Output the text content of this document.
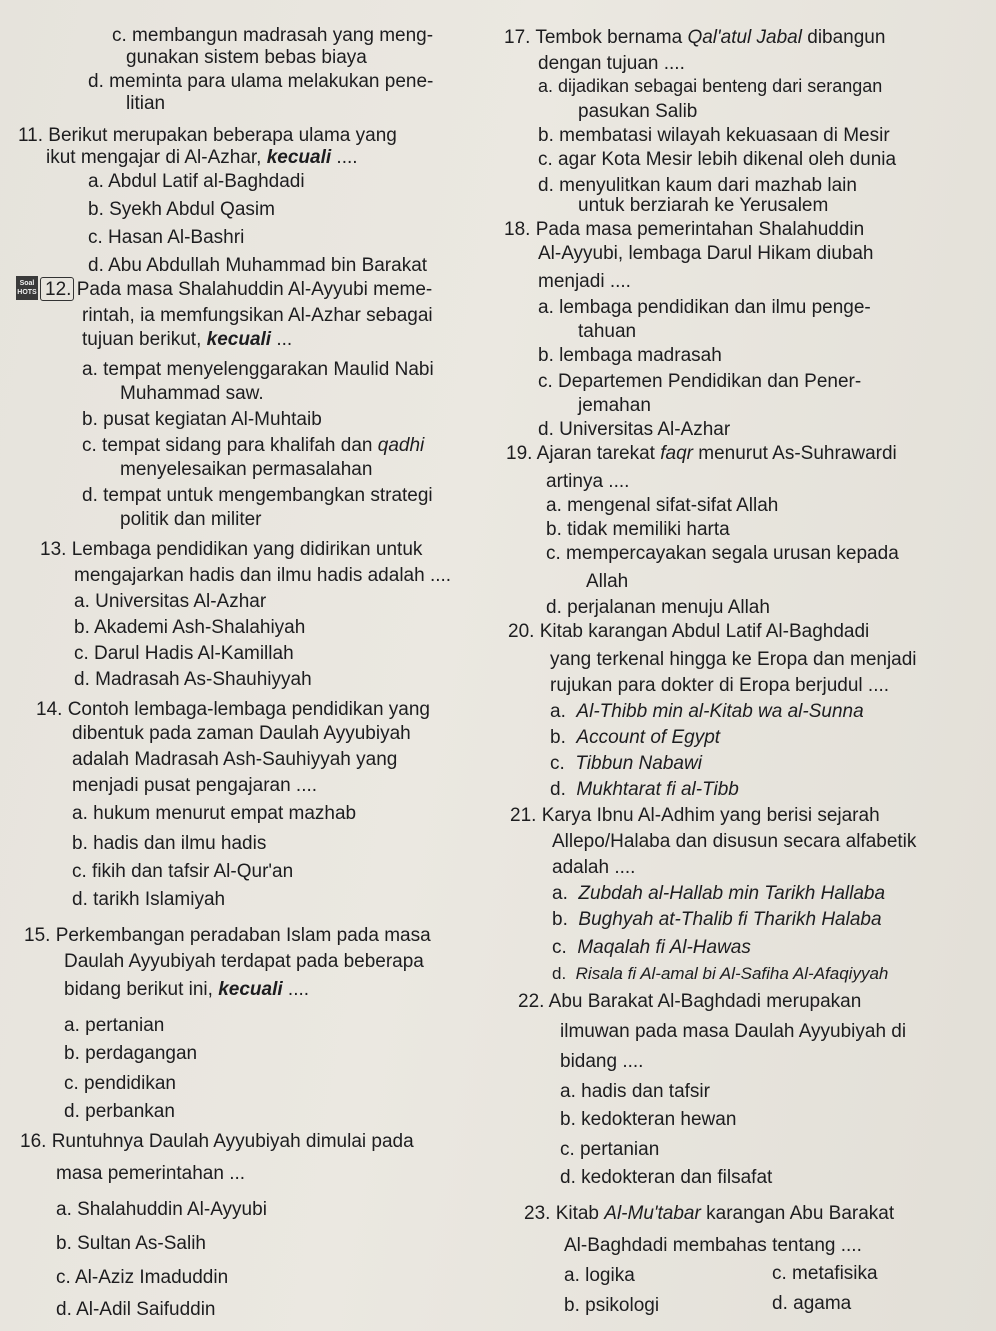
c. membangun madrasah yang meng-
gunakan sistem bebas biaya
d. meminta para ulama melakukan pene-
litian
11. Berikut merupakan beberapa ulama yang
ikut mengajar di Al-Azhar, kecuali ....
a. Abdul Latif al-Baghdadi
b. Syekh Abdul Qasim
c. Hasan Al-Bashri
d. Abu Abdullah Muhammad bin Barakat
Soal HOTS 12. Pada masa Shalahuddin Al-Ayyubi meme-
rintah, ia memfungsikan Al-Azhar sebagai
tujuan berikut, kecuali ...
a. tempat menyelenggarakan Maulid Nabi
Muhammad saw.
b. pusat kegiatan Al-Muhtaib
c. tempat sidang para khalifah dan qadhi
menyelesaikan permasalahan
d. tempat untuk mengembangkan strategi
politik dan militer
13. Lembaga pendidikan yang didirikan untuk
mengajarkan hadis dan ilmu hadis adalah ....
a. Universitas Al-Azhar
b. Akademi Ash-Shalahiyah
c. Darul Hadis Al-Kamillah
d. Madrasah As-Shauhiyyah
14. Contoh lembaga-lembaga pendidikan yang
dibentuk pada zaman Daulah Ayyubiyah
adalah Madrasah Ash-Sauhiyyah yang
menjadi pusat pengajaran ....
a. hukum menurut empat mazhab
b. hadis dan ilmu hadis
c. fikih dan tafsir Al-Qur'an
d. tarikh Islamiyah
15. Perkembangan peradaban Islam pada masa
Daulah Ayyubiyah terdapat pada beberapa
bidang berikut ini, kecuali ....
a. pertanian
b. perdagangan
c. pendidikan
d. perbankan
16. Runtuhnya Daulah Ayyubiyah dimulai pada
masa pemerintahan ...
a. Shalahuddin Al-Ayyubi
b. Sultan As-Salih
c. Al-Aziz Imaduddin
d. Al-Adil Saifuddin
17. Tembok bernama Qal'atul Jabal dibangun
dengan tujuan ....
a. dijadikan sebagai benteng dari serangan
pasukan Salib
b. membatasi wilayah kekuasaan di Mesir
c. agar Kota Mesir lebih dikenal oleh dunia
d. menyulitkan kaum dari mazhab lain
untuk berziarah ke Yerusalem
18. Pada masa pemerintahan Shalahuddin
Al-Ayyubi, lembaga Darul Hikam diubah
menjadi ....
a. lembaga pendidikan dan ilmu penge-
tahuan
b. lembaga madrasah
c. Departemen Pendidikan dan Pener-
jemahan
d. Universitas Al-Azhar
19. Ajaran tarekat faqr menurut As-Suhrawardi
artinya ....
a. mengenal sifat-sifat Allah
b. tidak memiliki harta
c. mempercayakan segala urusan kepada
Allah
d. perjalanan menuju Allah
20. Kitab karangan Abdul Latif Al-Baghdadi
yang terkenal hingga ke Eropa dan menjadi
rujukan para dokter di Eropa berjudul ....
a. Al-Thibb min al-Kitab wa al-Sunna
b. Account of Egypt
c. Tibbun Nabawi
d. Mukhtarat fi al-Tibb
21. Karya Ibnu Al-Adhim yang berisi sejarah
Allepo/Halaba dan disusun secara alfabetik
adalah ....
a. Zubdah al-Hallab min Tarikh Hallaba
b. Bughyah at-Thalib fi Tharikh Halaba
c. Maqalah fi Al-Hawas
d. Risala fi Al-amal bi Al-Safiha Al-Afaqiyyah
22. Abu Barakat Al-Baghdadi merupakan
ilmuwan pada masa Daulah Ayyubiyah di
bidang ....
a. hadis dan tafsir
b. kedokteran hewan
c. pertanian
d. kedokteran dan filsafat
23. Kitab Al-Mu'tabar karangan Abu Barakat
Al-Baghdadi membahas tentang ....
a. logika
b. psikologi
c. metafisika
d. agama
